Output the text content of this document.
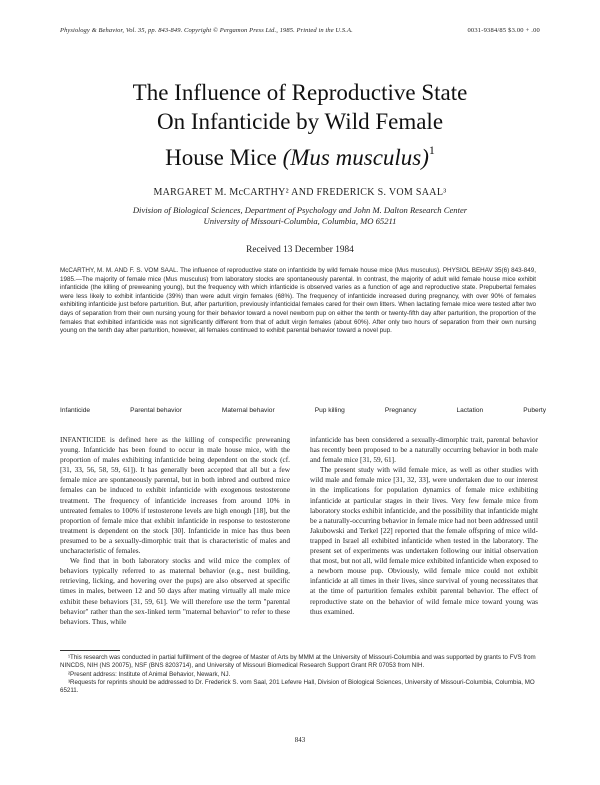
Physiology & Behavior, Vol. 35, pp. 843-849. Copyright © Pergamon Press Ltd., 1985. Printed in the U.S.A.	0031-9384/85 $3.00 + .00
The Influence of Reproductive State
On Infanticide by Wild Female
House Mice (Mus musculus)$^1$
MARGARET M. McCARTHY² AND FREDERICK S. VOM SAAL³
Division of Biological Sciences, Department of Psychology and John M. Dalton Research Center
University of Missouri-Columbia, Columbia, MO 65211
Received 13 December 1984

McCARTHY, M. M. AND F. S. VOM SAAL. The influence of reproductive state on infanticide by wild female house mice (Mus musculus). PHYSIOL BEHAV 35(6) 843-849, 1985.—The majority of female mice (Mus musculus) from laboratory stocks are spontaneously parental. In contrast, the majority of adult wild female house mice exhibit infanticide (the killing of preweaning young), but the frequency with which infanticide is observed varies as a function of age and reproductive state. Prepubertal females were less likely to exhibit infanticide (39%) than were adult virgin females (68%). The frequency of infanticide increased during pregnancy, with over 90% of females exhibiting infanticide just before parturition. But, after parturition, previously infanticidal females cared for their own litters. When lactating female mice were tested after two days of separation from their own nursing young for their behavior toward a novel newborn pup on either the tenth or twenty-fifth day after parturition, the proportion of the females that exhibited infanticide was not significantly different from that of adult virgin females (about 60%). After only two hours of separation from their own nursing young on the tenth day after parturition, however, all females continued to exhibit parental behavior toward a novel pup.

Infanticide	Parental behavior	Maternal behavior	Pup killing	Pregnancy	Lactation	Puberty

INFANTICIDE is defined here as the killing of conspecific preweaning young. Infanticide has been found to occur in male house mice, with the proportion of males exhibiting infanticide being dependent on the stock (cf. [31, 33, 56, 58, 59, 61]). It has generally been accepted that all but a few female mice are spontaneously parental, but in both inbred and outbred mice females can be induced to exhibit infanticide with exogenous testosterone treatment. The frequency of infanticide increases from around 10% in untreated females to 100% if testosterone levels are high enough [18], but the proportion of female mice that exhibit infanticide in response to testosterone treatment is dependent on the stock [30]. Infanticide in mice has thus been presumed to be a sexually-dimorphic trait that is characteristic of males and uncharacteristic of females.

We find that in both laboratory stocks and wild mice the complex of behaviors typically referred to as maternal behavior (e.g., nest building, retrieving, licking, and hovering over the pups) are also observed at specific times in males, between 12 and 50 days after mating virtually all male mice exhibit these behaviors [31, 59, 61]. We will therefore use the term "parental behavior" rather than the sex-linked term "maternal behavior" to refer to these behaviors. Thus, while

infanticide has been considered a sexually-dimorphic trait, parental behavior has recently been proposed to be a naturally occurring behavior in both male and female mice [31, 59, 61].

The present study with wild female mice, as well as other studies with wild male and female mice [31, 32, 33], were undertaken due to our interest in the implications for population dynamics of female mice exhibiting infanticide at particular stages in their lives. Very few female mice from laboratory stocks exhibit infanticide, and the possibility that infanticide might be a naturally-occurring behavior in female mice had not been addressed until Jakubowski and Terkel [22] reported that the female offspring of mice wild-trapped in Israel all exhibited infanticide when tested in the laboratory. The present set of experiments was undertaken following our initial observation that most, but not all, wild female mice exhibited infanticide when exposed to a newborn mouse pup. Obviously, wild female mice could not exhibit infanticide at all times in their lives, since survival of young necessitates that at the time of parturition females exhibit parental behavior. The effect of reproductive state on the behavior of wild female mice toward young was thus examined.

¹This research was conducted in partial fulfillment of the degree of Master of Arts by MMM at the University of Missouri-Columbia and was supported by grants to FVS from NINCDS, NIH (NS 20075), NSF (BNS 8203714), and University of Missouri Biomedical Research Support Grant RR 07053 from NIH.

²Present address: Institute of Animal Behavior, Newark, NJ.

³Requests for reprints should be addressed to Dr. Frederick S. vom Saal, 201 Lefevre Hall, Division of Biological Sciences, University of Missouri-Columbia, Columbia, MO 65211.

843
